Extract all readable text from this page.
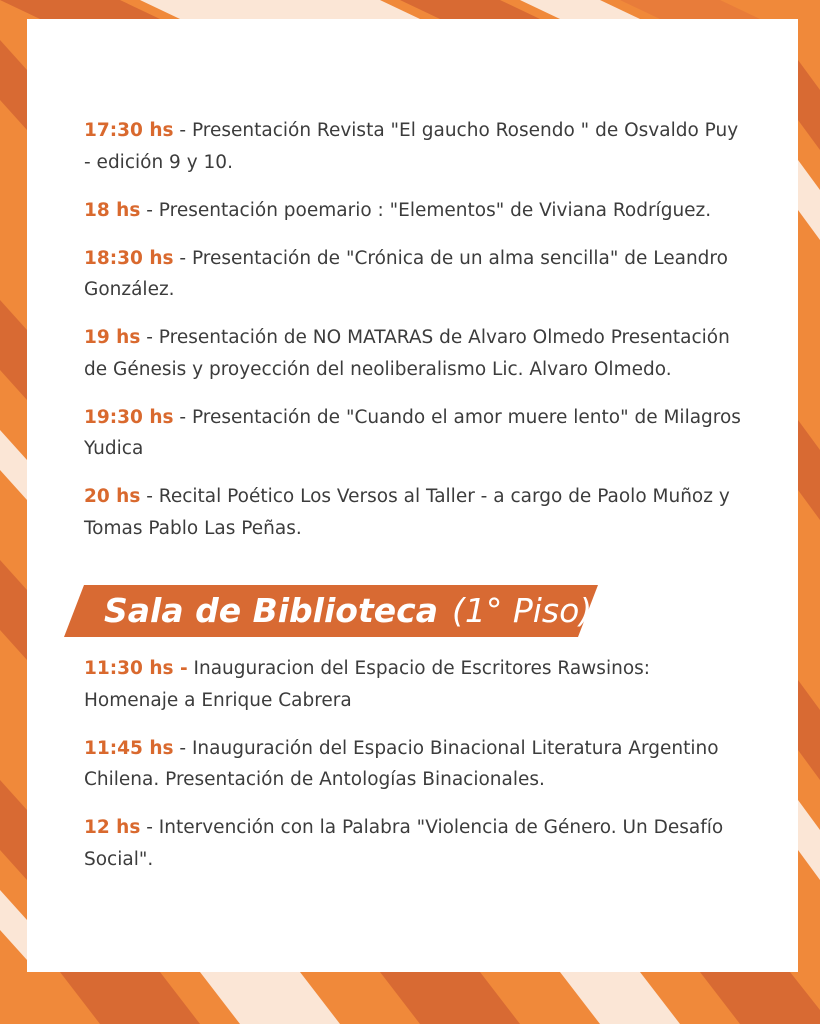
17:30 hs - Presentación Revista "El gaucho Rosendo " de Osvaldo Puy - edición 9 y 10.

18 hs - Presentación poemario : "Elementos" de Viviana Rodríguez.

18:30 hs - Presentación de "Crónica de un alma sencilla" de Leandro González.

19 hs - Presentación de NO MATARAS de Alvaro Olmedo Presentación de Génesis y proyección del neoliberalismo Lic. Alvaro Olmedo.

19:30 hs - Presentación de "Cuando el amor muere lento" de Milagros Yudica

20 hs - Recital Poético Los Versos al Taller - a cargo de Paolo Muñoz y Tomas Pablo Las Peñas.

Sala de Biblioteca (1° Piso)

11:30 hs - Inauguracion del Espacio de Escritores Rawsinos: Homenaje a Enrique Cabrera

11:45 hs - Inauguración del Espacio Binacional Literatura Argentino Chilena. Presentación de Antologías Binacionales.

12 hs - Intervención con la Palabra "Violencia de Género. Un Desafío Social".
